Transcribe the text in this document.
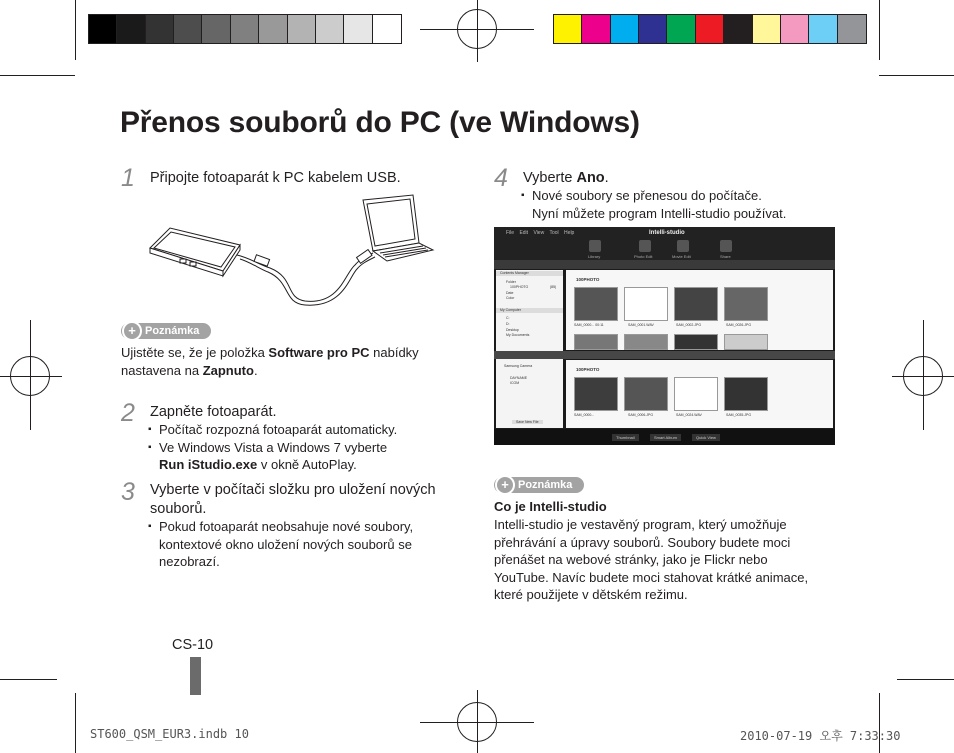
Přenos souborů do PC (ve Windows)
1 Připojte fotoaparát k PC kabelem USB.
+ Poznámka
Ujistěte se, že je položka Software pro PC nabídky
nastavena na Zapnuto.
2 Zapněte fotoaparát.
▪ Počítač rozpozná fotoaparát automaticky.
▪ Ve Windows Vista a Windows 7 vyberte
Run iStudio.exe v okně AutoPlay.
3 Vyberte v počítači složku pro uložení nových
souborů.
▪ Pokud fotoaparát neobsahuje nové soubory,
kontextové okno uložení nových souborů se
nezobrazí.
4 Vyberte Ano.
▪ Nové soubory se přenesou do počítače.
Nyní můžete program Intelli-studio používat.
File Edit View Tool Help	Intelli-studio
Library	Photo Edit	Movie Edit	Share
Contents Manager
Folder
100PHOTO	(85)
Date
Color
My Computer
C:
D:
Desktop
My Documents
Samsung Camera
DAYNAME
ICOM
Save New File
100PHOTO
SAM_0000... 00:11	SAM_0001.WAV	SAM_0002.JPG	SAM_0026.JPG
100PHOTO
SAM_0000...	SAM_0006.JPG	SAM_0024.WAV	SAM_0035.JPG
Thumbnail	Smart Album	Quick View
+ Poznámka
Co je Intelli-studio
Intelli-studio je vestavěný program, který umožňuje
přehrávání a úpravy souborů. Soubory budete moci
přenášet na webové stránky, jako je Flickr nebo
YouTube. Navíc budete moci stahovat krátké animace,
které použijete v dětském režimu.
CS-10
ST600_QSM_EUR3.indb 10	2010-07-19 오후 7:33:30
